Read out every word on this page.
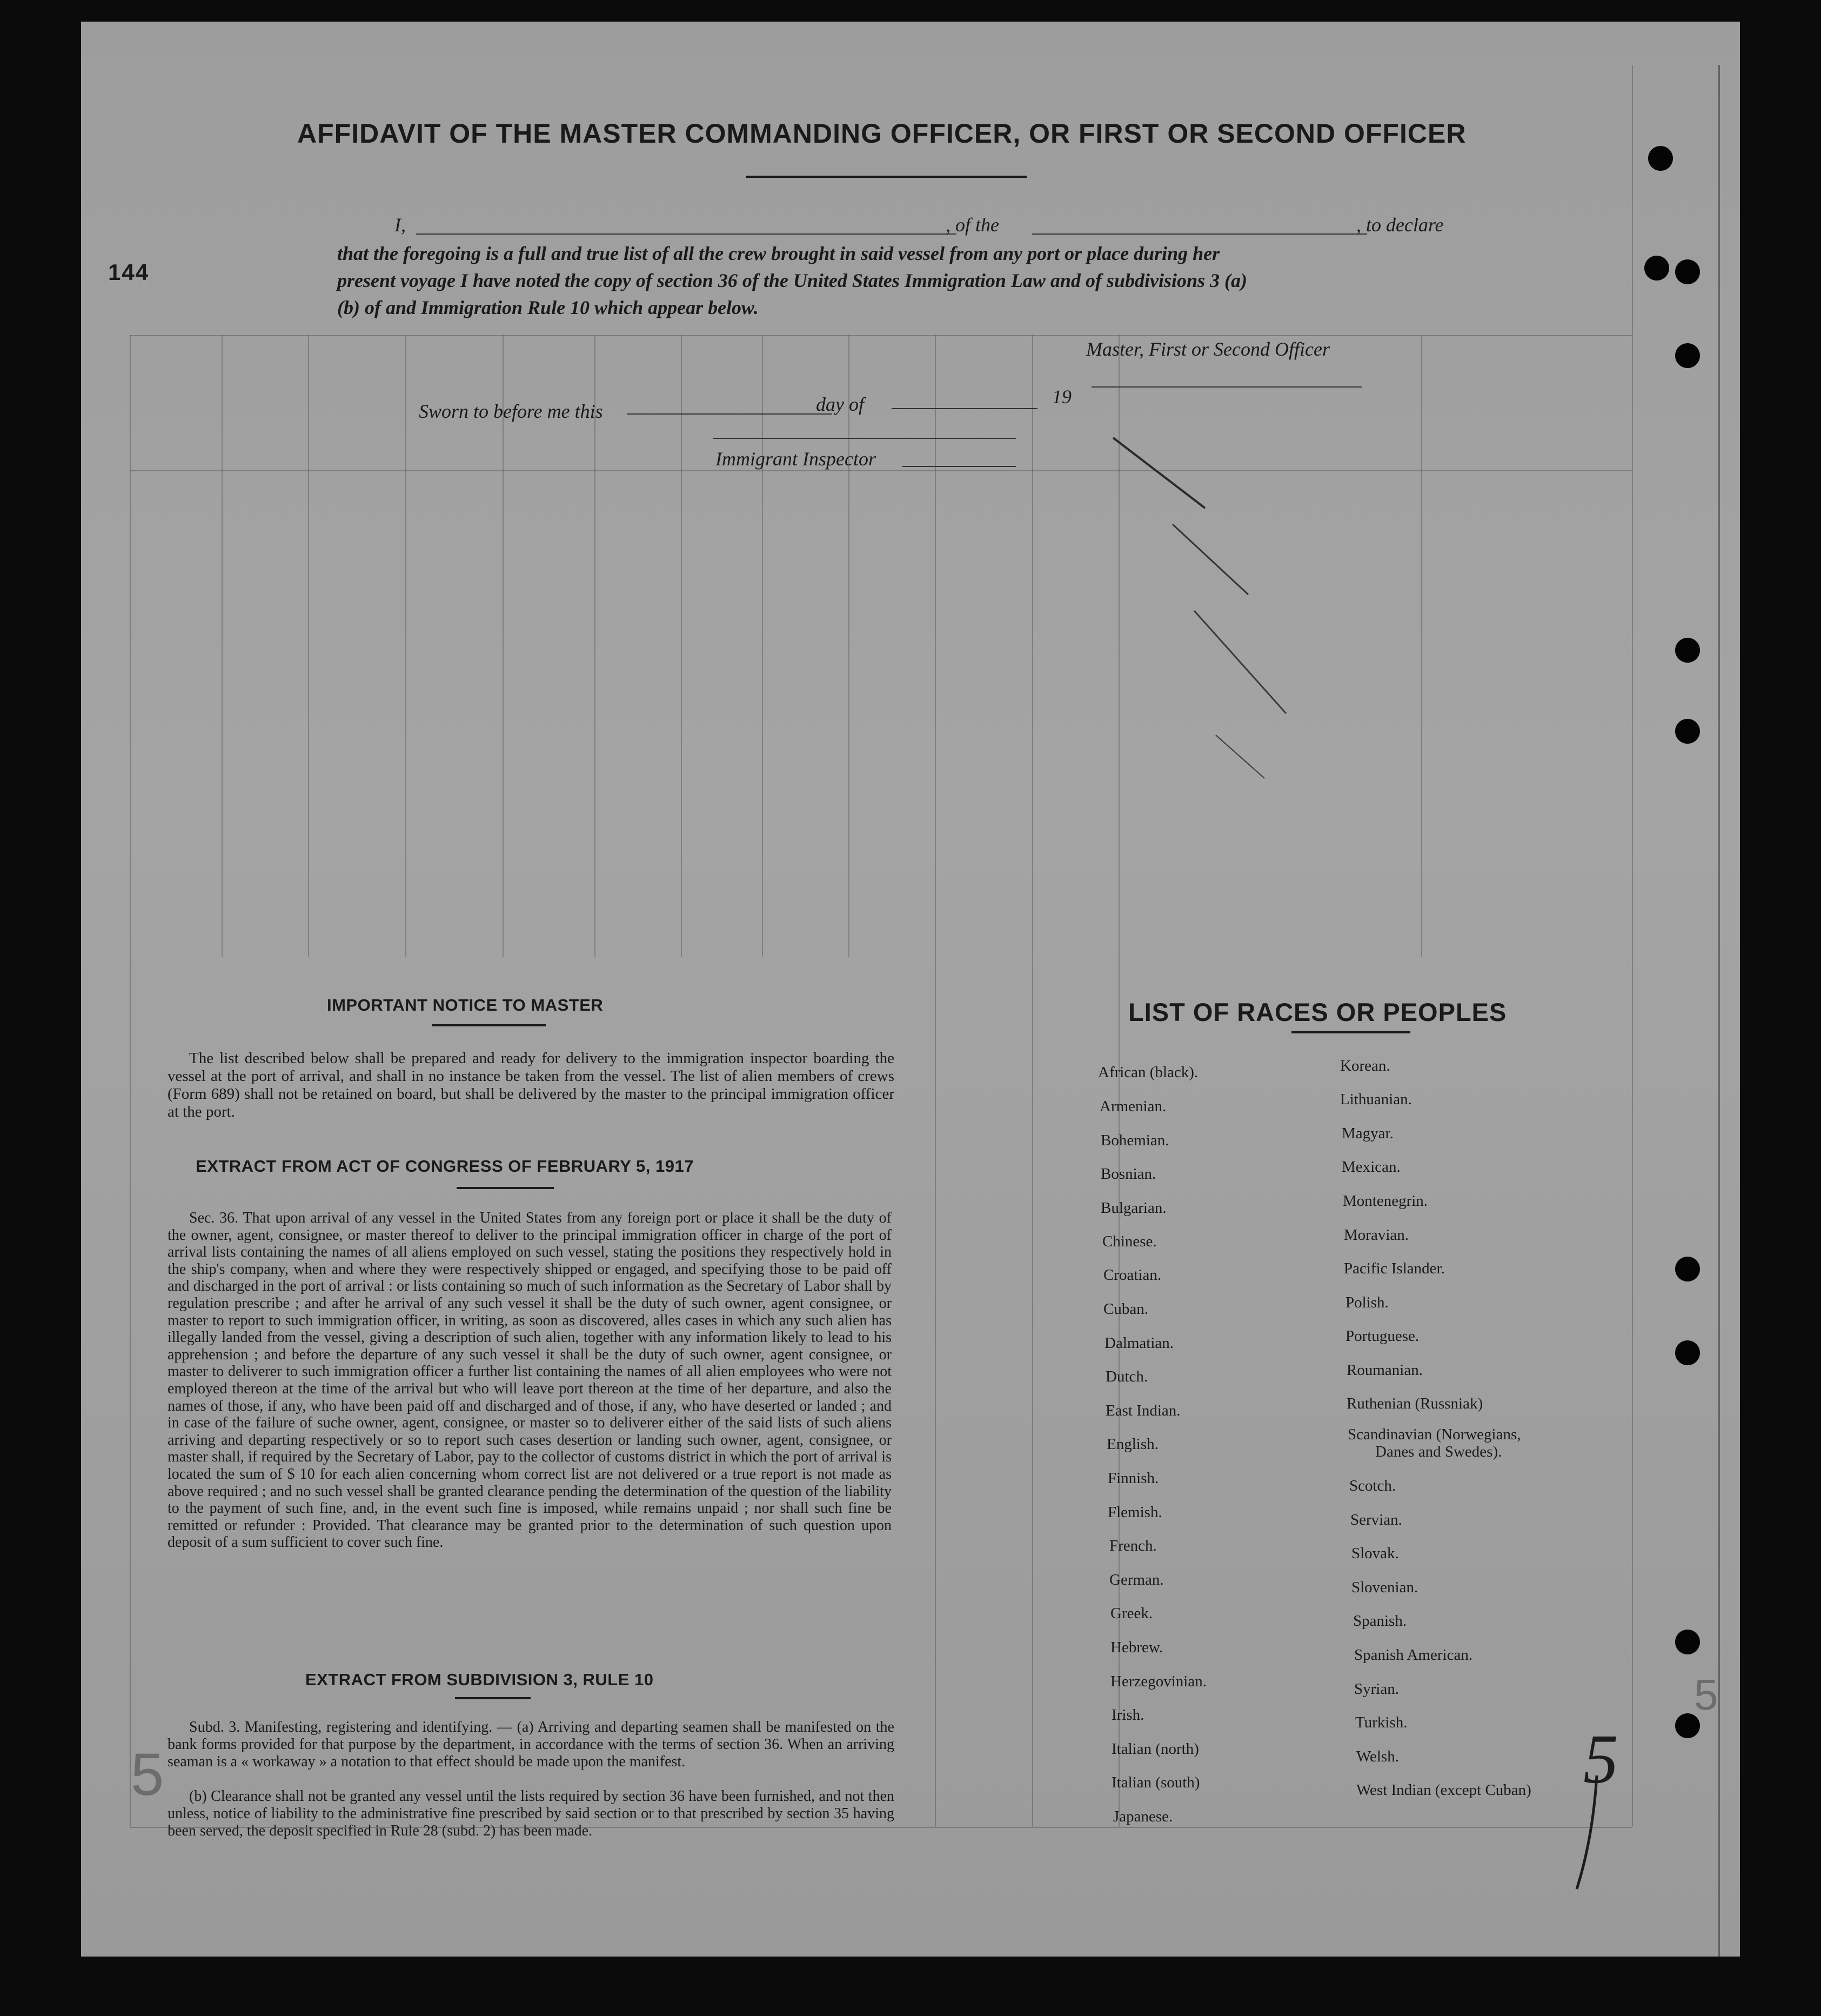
144
5
5
5
AFFIDAVIT OF THE MASTER COMMANDING OFFICER, OR FIRST OR SECOND OFFICER
I,	, of the	, to declare
that the foregoing is a full and true list of all the crew brought in said vessel from any port or place during her
present voyage I have noted the copy of section 36 of the United States Immigration Law and of subdivisions 3 (a)
(b) of and Immigration Rule 10 which appear below.
Master, First or Second Officer
Sworn to before me this	day of	19
Immigrant Inspector
IMPORTANT NOTICE TO MASTER
The list described below shall be prepared and ready for delivery to the immigration inspector boarding the vessel at the port of arrival, and shall in no instance be taken from the vessel. The list of alien members of crews (Form 689) shall not be retained on board, but shall be delivered by the master to the principal immigration officer at the port.
EXTRACT FROM ACT OF CONGRESS OF FEBRUARY 5, 1917
Sec. 36. That upon arrival of any vessel in the United States from any foreign port or place it shall be the duty of the owner, agent, consignee, or master thereof to deliver to the principal immigration officer in charge of the port of arrival lists containing the names of all aliens employed on such vessel, stating the positions they respectively hold in the ship's company, when and where they were respectively shipped or engaged, and specifying those to be paid off and discharged in the port of arrival : or lists containing so much of such information as the Secretary of Labor shall by regulation prescribe ; and after he arrival of any such vessel it shall be the duty of such owner, agent consignee, or master to report to such immigration officer, in writing, as soon as discovered, alles cases in which any such alien has illegally landed from the vessel, giving a description of such alien, together with any information likely to lead to his apprehension ; and before the departure of any such vessel it shall be the duty of such owner, agent consignee, or master to deliverer to such immigration officer a further list containing the names of all alien employees who were not employed thereon at the time of the arrival but who will leave port thereon at the time of her departure, and also the names of those, if any, who have been paid off and discharged and of those, if any, who have deserted or landed ; and in case of the failure of suche owner, agent, consignee, or master so to deliverer either of the said lists of such aliens arriving and departing respectively or so to report such cases desertion or landing such owner, agent, consignee, or master shall, if required by the Secretary of Labor, pay to the collector of customs district in which the port of arrival is located the sum of $ 10 for each alien concerning whom correct list are not delivered or a true report is not made as above required ; and no such vessel shall be granted clearance pending the determination of the question of the liability to the payment of such fine, and, in the event such fine is imposed, while remains unpaid ; nor shall such fine be remitted or refunder : Provided. That clearance may be granted prior to the determination of such question upon deposit of a sum sufficient to cover such fine.
EXTRACT FROM SUBDIVISION 3, RULE 10
Subd. 3. Manifesting, registering and identifying. — (a) Arriving and departing seamen shall be manifested on the bank forms provided for that purpose by the department, in accordance with the terms of section 36. When an arriving seaman is a « workaway » a notation to that effect should be made upon the manifest.
(b) Clearance shall not be granted any vessel until the lists required by section 36 have been furnished, and not then unless, notice of liability to the administrative fine prescribed by said section or to that prescribed by section 35 having been served, the deposit specified in Rule 28 (subd. 2) has been made.
LIST OF RACES OR PEOPLES
African (black).
Armenian.
Bohemian.
Bosnian.
Bulgarian.
Chinese.
Croatian.
Cuban.
Dalmatian.
Dutch.
East Indian.
English.
Finnish.
Flemish.
French.
German.
Greek.
Hebrew.
Herzegovinian.
Irish.
Italian (north)
Italian (south)
Japanese.
Korean.
Lithuanian.
Magyar.
Mexican.
Montenegrin.
Moravian.
Pacific Islander.
Polish.
Portuguese.
Roumanian.
Ruthenian (Russniak)
Scandinavian (Norwegians,
Danes and Swedes).
Scotch.
Servian.
Slovak.
Slovenian.
Spanish.
Spanish American.
Syrian.
Turkish.
Welsh.
West Indian (except Cuban)
